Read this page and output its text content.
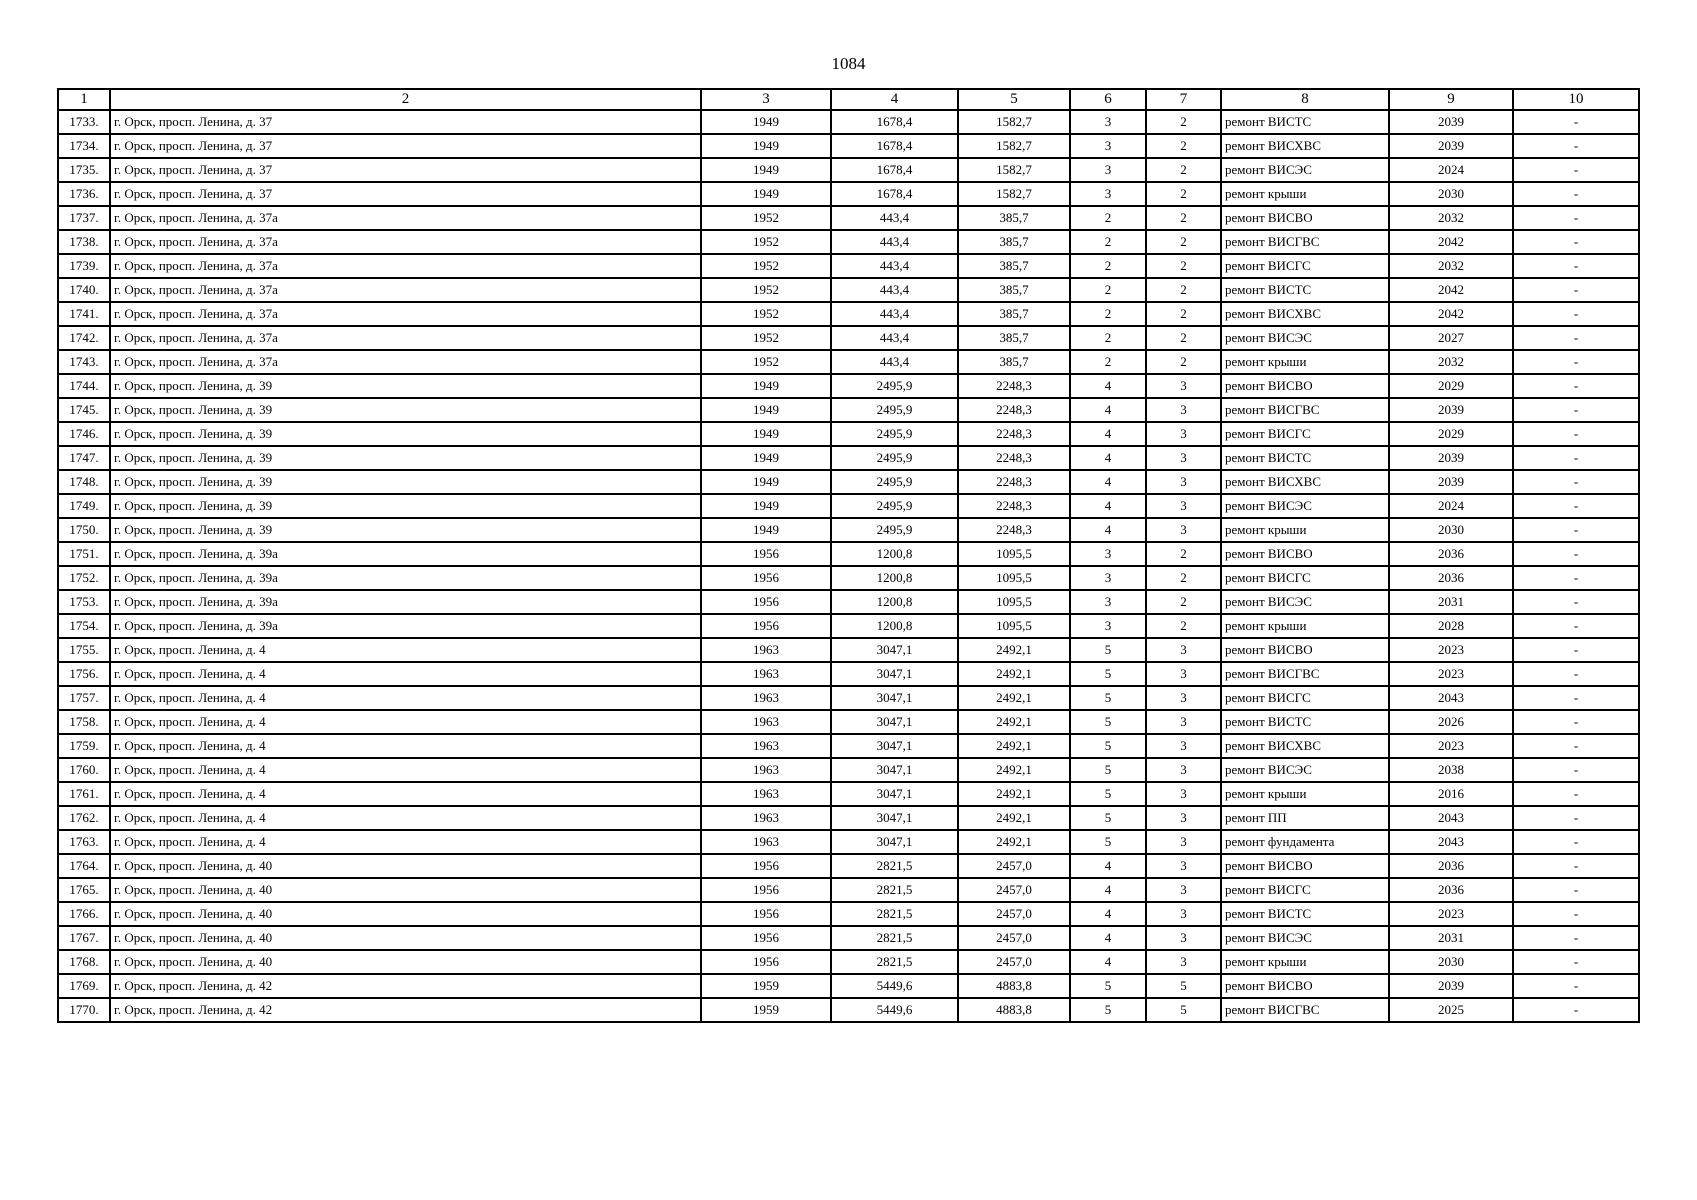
1084
1	2	3	4	5	6	7	8	9	10
1733.	г. Орск, просп. Ленина, д. 37	1949	1678,4	1582,7	3	2	ремонт ВИСТС	2039	-
1734.	г. Орск, просп. Ленина, д. 37	1949	1678,4	1582,7	3	2	ремонт ВИСХВС	2039	-
1735.	г. Орск, просп. Ленина, д. 37	1949	1678,4	1582,7	3	2	ремонт ВИСЭС	2024	-
1736.	г. Орск, просп. Ленина, д. 37	1949	1678,4	1582,7	3	2	ремонт крыши	2030	-
1737.	г. Орск, просп. Ленина, д. 37а	1952	443,4	385,7	2	2	ремонт ВИСВО	2032	-
1738.	г. Орск, просп. Ленина, д. 37а	1952	443,4	385,7	2	2	ремонт ВИСГВС	2042	-
1739.	г. Орск, просп. Ленина, д. 37а	1952	443,4	385,7	2	2	ремонт ВИСГС	2032	-
1740.	г. Орск, просп. Ленина, д. 37а	1952	443,4	385,7	2	2	ремонт ВИСТС	2042	-
1741.	г. Орск, просп. Ленина, д. 37а	1952	443,4	385,7	2	2	ремонт ВИСХВС	2042	-
1742.	г. Орск, просп. Ленина, д. 37а	1952	443,4	385,7	2	2	ремонт ВИСЭС	2027	-
1743.	г. Орск, просп. Ленина, д. 37а	1952	443,4	385,7	2	2	ремонт крыши	2032	-
1744.	г. Орск, просп. Ленина, д. 39	1949	2495,9	2248,3	4	3	ремонт ВИСВО	2029	-
1745.	г. Орск, просп. Ленина, д. 39	1949	2495,9	2248,3	4	3	ремонт ВИСГВС	2039	-
1746.	г. Орск, просп. Ленина, д. 39	1949	2495,9	2248,3	4	3	ремонт ВИСГС	2029	-
1747.	г. Орск, просп. Ленина, д. 39	1949	2495,9	2248,3	4	3	ремонт ВИСТС	2039	-
1748.	г. Орск, просп. Ленина, д. 39	1949	2495,9	2248,3	4	3	ремонт ВИСХВС	2039	-
1749.	г. Орск, просп. Ленина, д. 39	1949	2495,9	2248,3	4	3	ремонт ВИСЭС	2024	-
1750.	г. Орск, просп. Ленина, д. 39	1949	2495,9	2248,3	4	3	ремонт крыши	2030	-
1751.	г. Орск, просп. Ленина, д. 39а	1956	1200,8	1095,5	3	2	ремонт ВИСВО	2036	-
1752.	г. Орск, просп. Ленина, д. 39а	1956	1200,8	1095,5	3	2	ремонт ВИСГС	2036	-
1753.	г. Орск, просп. Ленина, д. 39а	1956	1200,8	1095,5	3	2	ремонт ВИСЭС	2031	-
1754.	г. Орск, просп. Ленина, д. 39а	1956	1200,8	1095,5	3	2	ремонт крыши	2028	-
1755.	г. Орск, просп. Ленина, д. 4	1963	3047,1	2492,1	5	3	ремонт ВИСВО	2023	-
1756.	г. Орск, просп. Ленина, д. 4	1963	3047,1	2492,1	5	3	ремонт ВИСГВС	2023	-
1757.	г. Орск, просп. Ленина, д. 4	1963	3047,1	2492,1	5	3	ремонт ВИСГС	2043	-
1758.	г. Орск, просп. Ленина, д. 4	1963	3047,1	2492,1	5	3	ремонт ВИСТС	2026	-
1759.	г. Орск, просп. Ленина, д. 4	1963	3047,1	2492,1	5	3	ремонт ВИСХВС	2023	-
1760.	г. Орск, просп. Ленина, д. 4	1963	3047,1	2492,1	5	3	ремонт ВИСЭС	2038	-
1761.	г. Орск, просп. Ленина, д. 4	1963	3047,1	2492,1	5	3	ремонт крыши	2016	-
1762.	г. Орск, просп. Ленина, д. 4	1963	3047,1	2492,1	5	3	ремонт ПП	2043	-
1763.	г. Орск, просп. Ленина, д. 4	1963	3047,1	2492,1	5	3	ремонт фундамента	2043	-
1764.	г. Орск, просп. Ленина, д. 40	1956	2821,5	2457,0	4	3	ремонт ВИСВО	2036	-
1765.	г. Орск, просп. Ленина, д. 40	1956	2821,5	2457,0	4	3	ремонт ВИСГС	2036	-
1766.	г. Орск, просп. Ленина, д. 40	1956	2821,5	2457,0	4	3	ремонт ВИСТС	2023	-
1767.	г. Орск, просп. Ленина, д. 40	1956	2821,5	2457,0	4	3	ремонт ВИСЭС	2031	-
1768.	г. Орск, просп. Ленина, д. 40	1956	2821,5	2457,0	4	3	ремонт крыши	2030	-
1769.	г. Орск, просп. Ленина, д. 42	1959	5449,6	4883,8	5	5	ремонт ВИСВО	2039	-
1770.	г. Орск, просп. Ленина, д. 42	1959	5449,6	4883,8	5	5	ремонт ВИСГВС	2025	-
